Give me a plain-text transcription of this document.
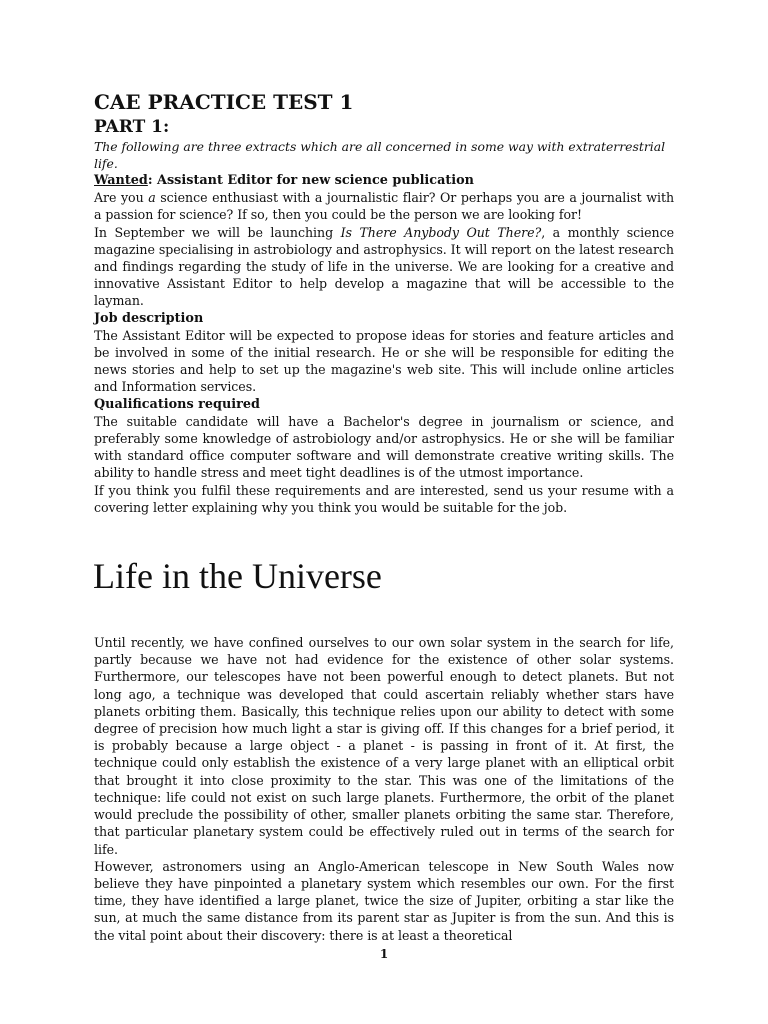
CAE PRACTICE TEST 1
PART 1:
The following are three extracts which are all concerned in some way with extraterrestrial life.
Wanted: Assistant Editor for new science publication

Are you a science enthusiast with a journalistic flair? Or perhaps you are a journalist with a passion for science? If so, then you could be the person we are looking for!

In September we will be launching Is There Anybody Out There?, a monthly science magazine specialising in astrobiology and astrophysics. It will report on the latest research and findings regarding the study of life in the universe. We are looking for a creative and innovative Assistant Editor to help develop a magazine that will be accessible to the layman.

Job description

The Assistant Editor will be expected to propose ideas for stories and feature articles and be involved in some of the initial research. He or she will be responsible for editing the news stories and help to set up the magazine's web site. This will include online articles and Information services.

Qualifications required

The suitable candidate will have a Bachelor's degree in journalism or science, and preferably some knowledge of astrobiology and/or astrophysics. He or she will be familiar with standard office computer software and will demonstrate creative writing skills. The ability to handle stress and meet tight deadlines is of the utmost importance.

If you think you fulfil these requirements and are interested, send us your resume with a covering letter explaining why you think you would be suitable for the job.

Life in the Universe

Until recently, we have confined ourselves to our own solar system in the search for life, partly because we have not had evidence for the existence of other solar systems. Furthermore, our telescopes have not been powerful enough to detect planets. But not long ago, a technique was developed that could ascertain reliably whether stars have planets orbiting them. Basically, this technique relies upon our ability to detect with some degree of precision how much light a star is giving off. If this changes for a brief period, it is probably because a large object - a planet - is passing in front of it. At first, the technique could only establish the existence of a very large planet with an elliptical orbit that brought it into close proximity to the star. This was one of the limitations of the technique: life could not exist on such large planets. Furthermore, the orbit of the planet would preclude the possibility of other, smaller planets orbiting the same star. Therefore, that particular planetary system could be effectively ruled out in terms of the search for life.

However, astronomers using an Anglo-American telescope in New South Wales now believe they have pinpointed a planetary system which resembles our own. For the first time, they have identified a large planet, twice the size of Jupiter, orbiting a star like the sun, at much the same distance from its parent star as Jupiter is from the sun. And this is the vital point about their discovery: there is at least a theoretical

1
